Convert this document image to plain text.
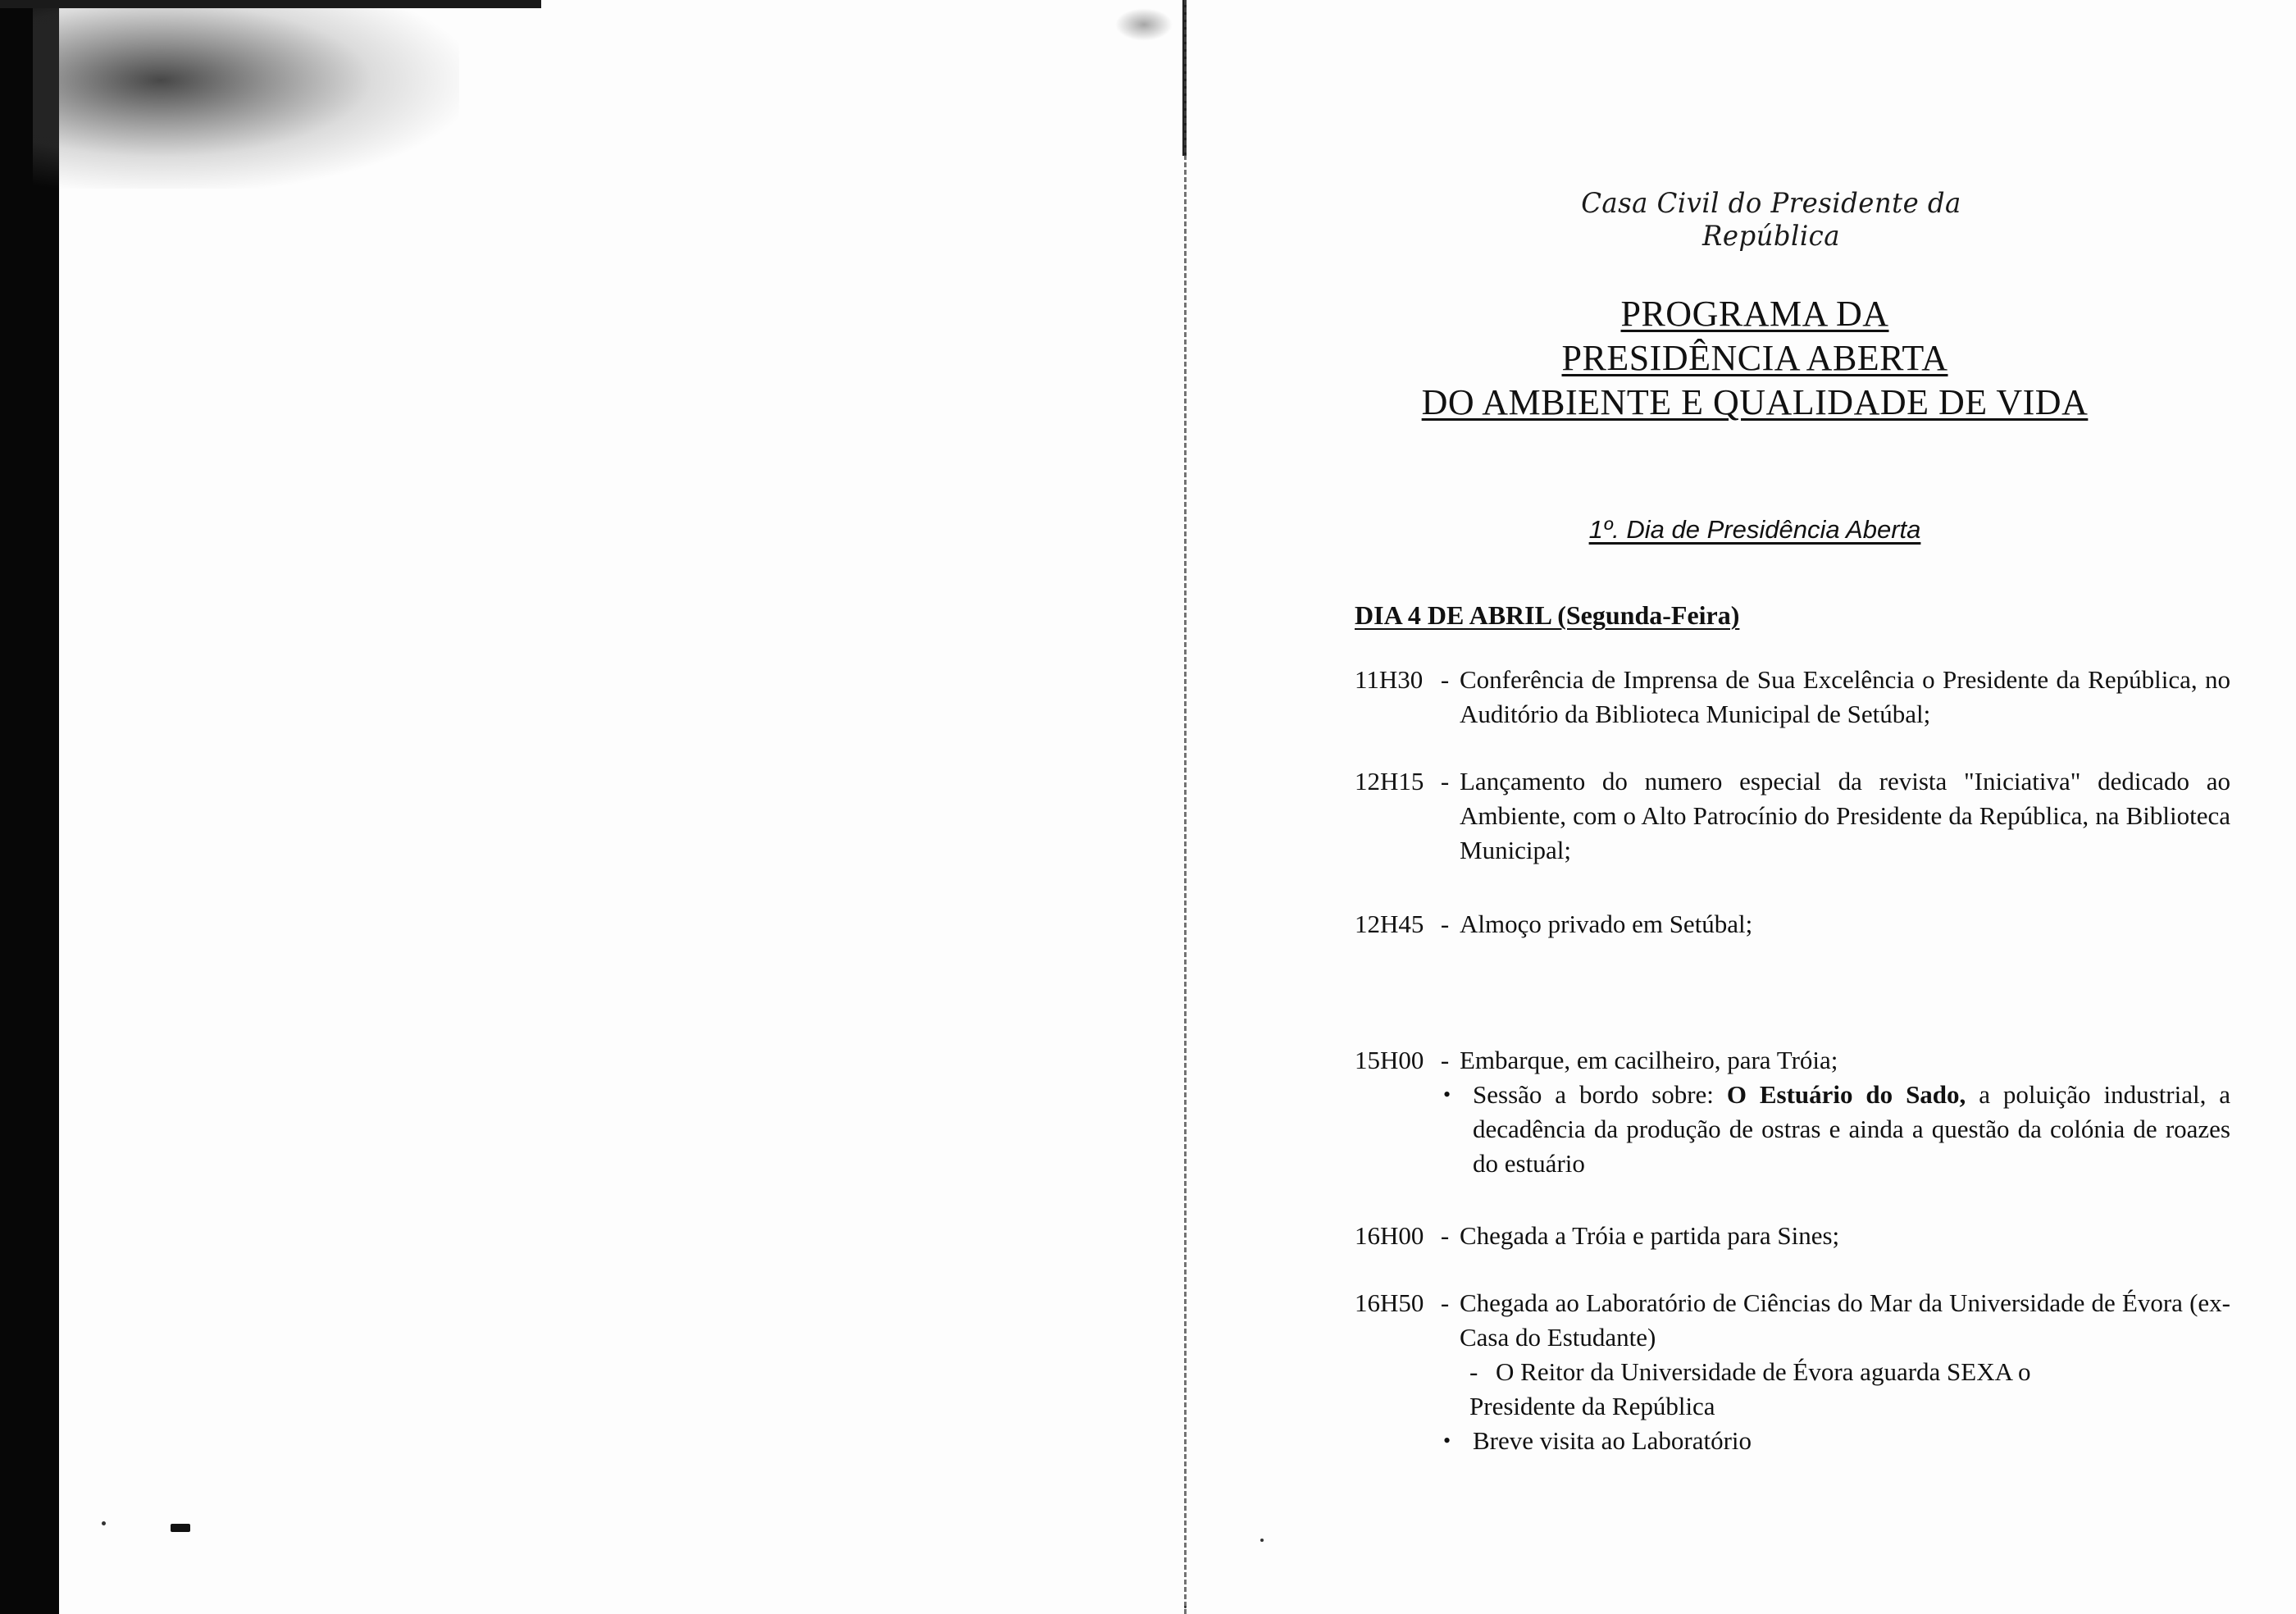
Casa Civil do Presidente da República
PROGRAMA DA
PRESIDÊNCIA ABERTA
DO AMBIENTE E QUALIDADE DE VIDA
1º. Dia de Presidência Aberta
DIA 4 DE ABRIL (Segunda-Feira)
11H30 - Conferência de Imprensa de Sua Excelência o Presidente da República, no Auditório da Biblioteca Municipal de Setúbal;
12H15 - Lançamento do numero especial da revista "Iniciativa" dedicado ao Ambiente, com o Alto Patrocínio do Presidente da República, na Biblioteca Municipal;
12H45 - Almoço privado em Setúbal;
15H00 - Embarque, em cacilheiro, para Tróia;
• Sessão a bordo sobre: O Estuário do Sado, a poluição industrial, a decadência da produção de ostras e ainda a questão da colónia de roazes do estuário
16H00 - Chegada a Tróia e partida para Sines;
16H50 - Chegada ao Laboratório de Ciências do Mar da Universidade de Évora (ex-Casa do Estudante)
- O Reitor da Universidade de Évora aguarda SEXA o
Presidente da República
• Breve visita ao Laboratório
